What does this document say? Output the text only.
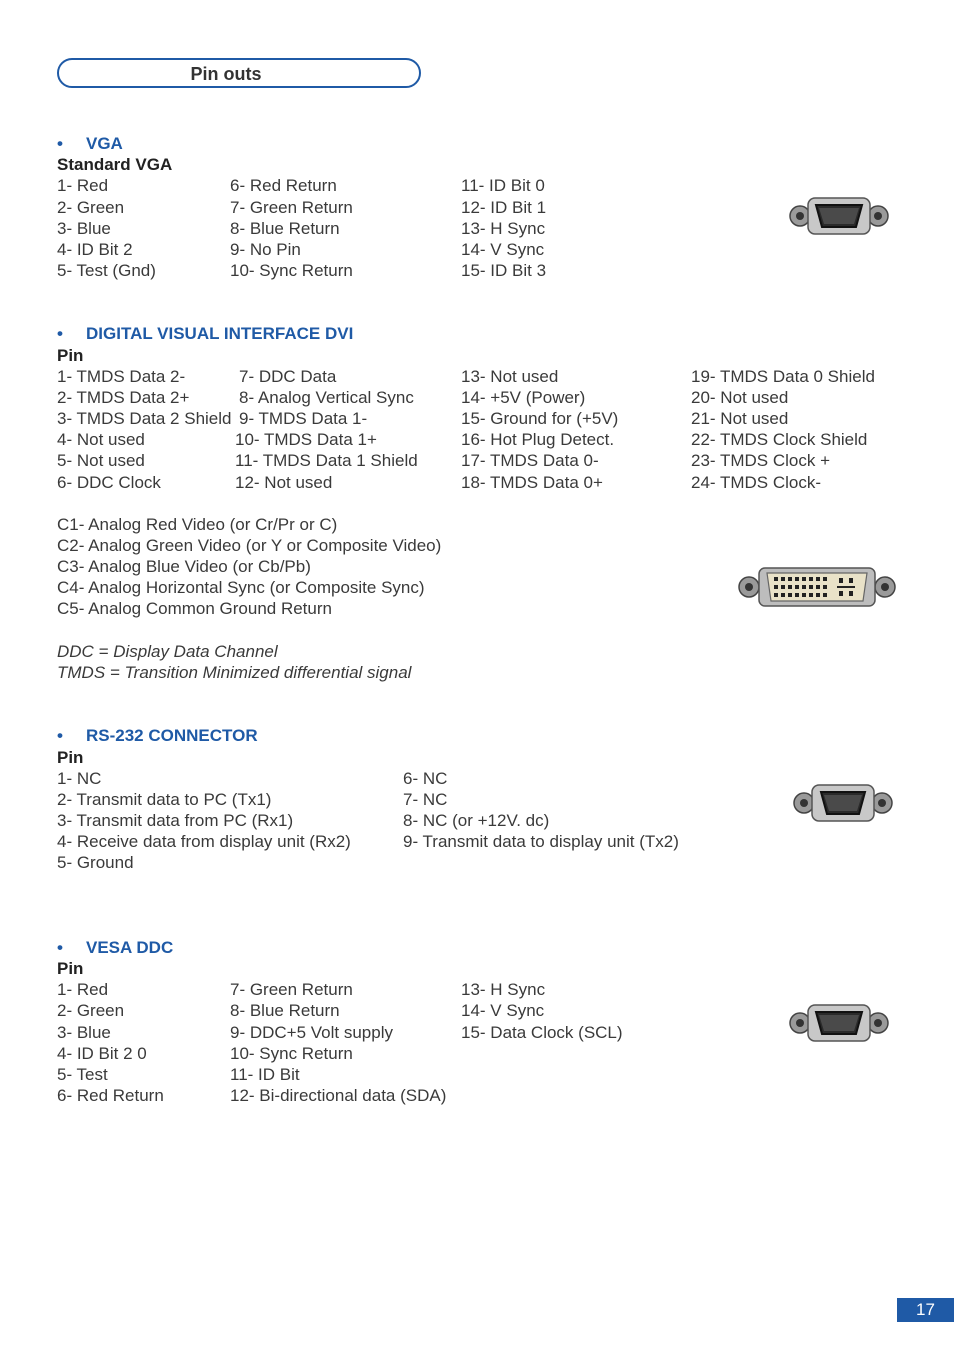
Pin outs
• VGA
Standard VGA
1- Red
2- Green
3- Blue
4- ID Bit 2
5- Test (Gnd)
6- Red Return
7- Green Return
8- Blue Return
9- No Pin
10- Sync Return
11- ID Bit 0
12- ID Bit 1
13- H Sync
14- V Sync
15- ID Bit 3
• DIGITAL VISUAL INTERFACE DVI
Pin
1- TMDS Data 2-
2- TMDS Data 2+
3- TMDS Data 2 Shield
4- Not used
5- Not used
6- DDC Clock
7- DDC Data
8- Analog Vertical Sync
9- TMDS Data 1-
10- TMDS Data 1+
11- TMDS Data 1 Shield
12- Not used
13- Not used
14- +5V (Power)
15- Ground for (+5V)
16- Hot Plug Detect.
17- TMDS Data 0-
18- TMDS Data 0+
19- TMDS Data 0 Shield
20- Not used
21- Not used
22- TMDS Clock Shield
23- TMDS Clock +
24- TMDS Clock-
C1- Analog Red Video (or Cr/Pr or C)
C2- Analog Green Video (or Y or Composite Video)
C3- Analog Blue Video (or Cb/Pb)
C4- Analog Horizontal Sync (or Composite Sync)
C5- Analog Common Ground Return
DDC = Display Data Channel
TMDS = Transition Minimized differential signal
• RS-232 CONNECTOR
Pin
1- NC
2- Transmit data to PC (Tx1)
3- Transmit data from PC (Rx1)
4- Receive data from display unit (Rx2)
5- Ground
6- NC
7- NC
8- NC (or +12V. dc)
9- Transmit data to display unit (Tx2)
• VESA DDC
Pin
1- Red
2- Green
3- Blue
4- ID Bit 2 0
5- Test
6- Red Return
7- Green Return
8- Blue Return
9- DDC+5 Volt supply
10- Sync Return
11- ID Bit
12- Bi-directional data (SDA)
13- H Sync
14- V Sync
15- Data Clock (SCL)
17
